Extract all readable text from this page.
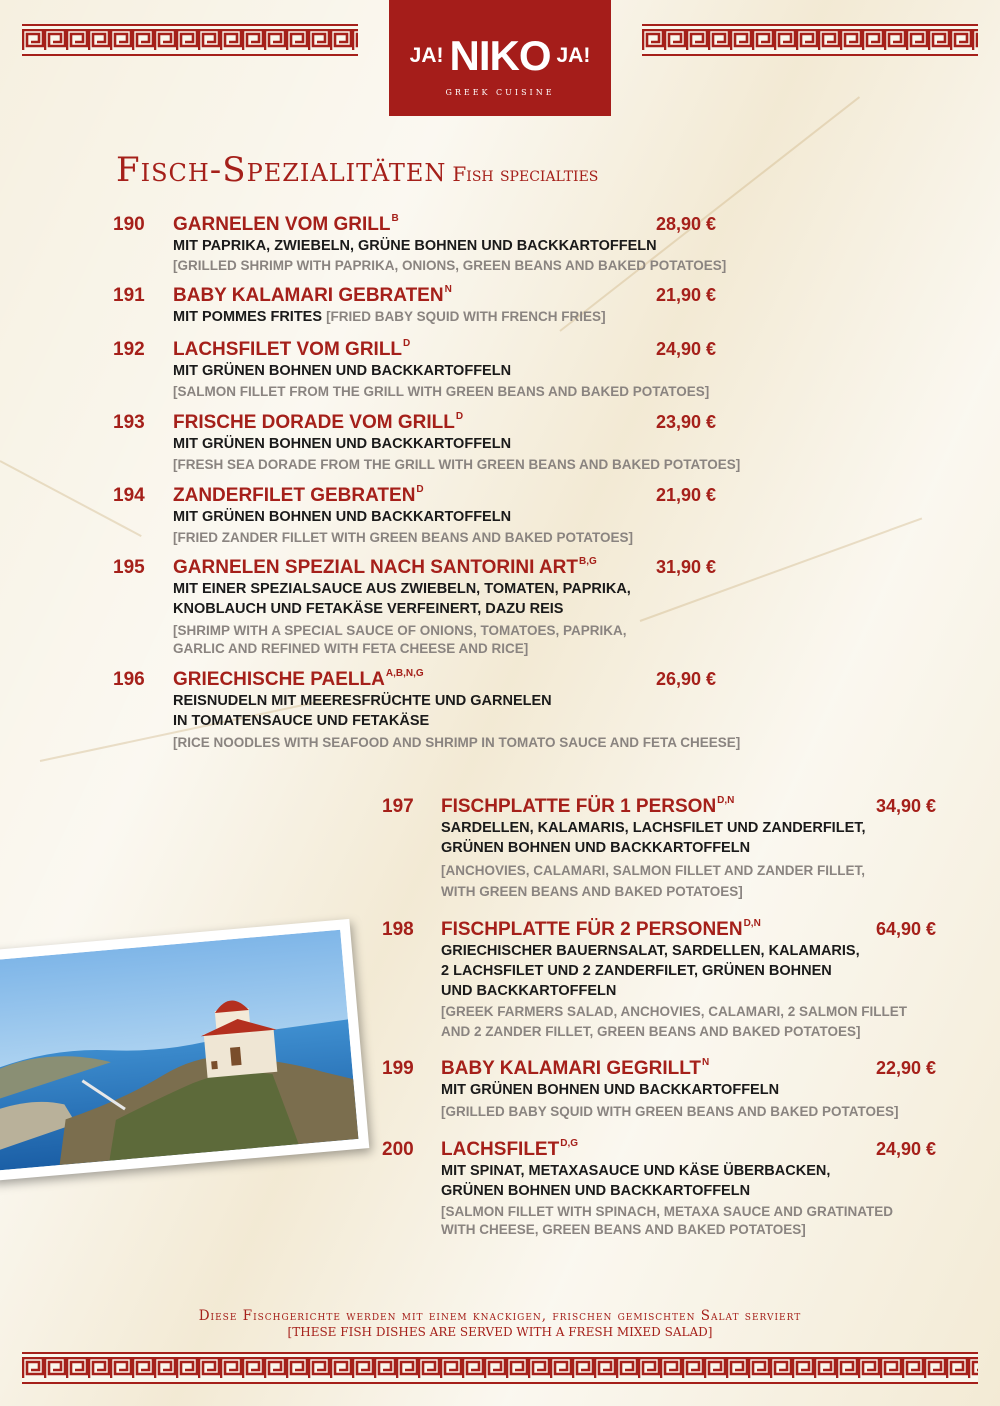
JA! NIKO JA!
GREEK CUISINE
Fisch-Spezialitäten Fish specialties
190 GARNELEN VOM $GRILL^B$	28,90 €
MIT PAPRIKA, ZWIEBELN, GRÜNE BOHNEN UND BACKKARTOFFELN
[GRILLED SHRIMP WITH PAPRIKA, ONIONS, GREEN BEANS AND BAKED POTATOES]
191 BABY KALAMARI $GEBRATEN^N$	21,90 €
MIT POMMES FRITES [FRIED BABY SQUID WITH FRENCH FRIES]
192 LACHSFILET VOM $GRILL^D$	24,90 €
MIT GRÜNEN BOHNEN UND BACKKARTOFFELN
[SALMON FILLET FROM THE GRILL WITH GREEN BEANS AND BAKED POTATOES]
193 FRISCHE DORADE VOM $GRILL^D$	23,90 €
MIT GRÜNEN BOHNEN UND BACKKARTOFFELN
[FRESH SEA DORADE FROM THE GRILL WITH GREEN BEANS AND BAKED POTATOES]
194 ZANDERFILET $GEBRATEN^D$	21,90 €
MIT GRÜNEN BOHNEN UND BACKKARTOFFELN
[FRIED ZANDER FILLET WITH GREEN BEANS AND BAKED POTATOES]
195 GARNELEN SPEZIAL NACH SANTORINI $ART^{B,G}$	31,90 €
MIT EINER SPEZIALSAUCE AUS ZWIEBELN, TOMATEN, PAPRIKA,
KNOBLAUCH UND FETAKÄSE VERFEINERT, DAZU REIS
[SHRIMP WITH A SPECIAL SAUCE OF ONIONS, TOMATOES, PAPRIKA,
GARLIC AND REFINED WITH FETA CHEESE AND RICE]
196 GRIECHISCHE $PAELLA^{A,B,N,G}$	26,90 €
REISNUDELN MIT MEERESFRÜCHTE UND GARNELEN
IN TOMATENSAUCE UND FETAKÄSE
[RICE NOODLES WITH SEAFOOD AND SHRIMP IN TOMATO SAUCE AND FETA CHEESE]
197 FISCHPLATTE FÜR 1 $PERSON^{D,N}$	34,90 €
SARDELLEN, KALAMARIS, LACHSFILET UND ZANDERFILET,
GRÜNEN BOHNEN UND BACKKARTOFFELN
[ANCHOVIES, CALAMARI, SALMON FILLET AND ZANDER FILLET,
WITH GREEN BEANS AND BAKED POTATOES]
198 FISCHPLATTE FÜR 2 $PERSONEN^{D,N}$	64,90 €
GRIECHISCHER BAUERNSALAT, SARDELLEN, KALAMARIS,
2 LACHSFILET UND 2 ZANDERFILET, GRÜNEN BOHNEN
UND BACKKARTOFFELN
[GREEK FARMERS SALAD, ANCHOVIES, CALAMARI, 2 SALMON FILLET
AND 2 ZANDER FILLET, GREEN BEANS AND BAKED POTATOES]
199 BABY KALAMARI $GEGRILLT^N$	22,90 €
MIT GRÜNEN BOHNEN UND BACKKARTOFFELN
[GRILLED BABY SQUID WITH GREEN BEANS AND BAKED POTATOES]
200 $LACHSFILET^{D,G}$	24,90 €
MIT SPINAT, METAXASAUCE UND KÄSE ÜBERBACKEN,
GRÜNEN BOHNEN UND BACKKARTOFFELN
[SALMON FILLET WITH SPINACH, METAXA SAUCE AND GRATINATED
WITH CHEESE, GREEN BEANS AND BAKED POTATOES]
Diese Fischgerichte werden mit einem knackigen, frischen gemischten Salat serviert
[THESE FISH DISHES ARE SERVED WITH A FRESH MIXED SALAD]
